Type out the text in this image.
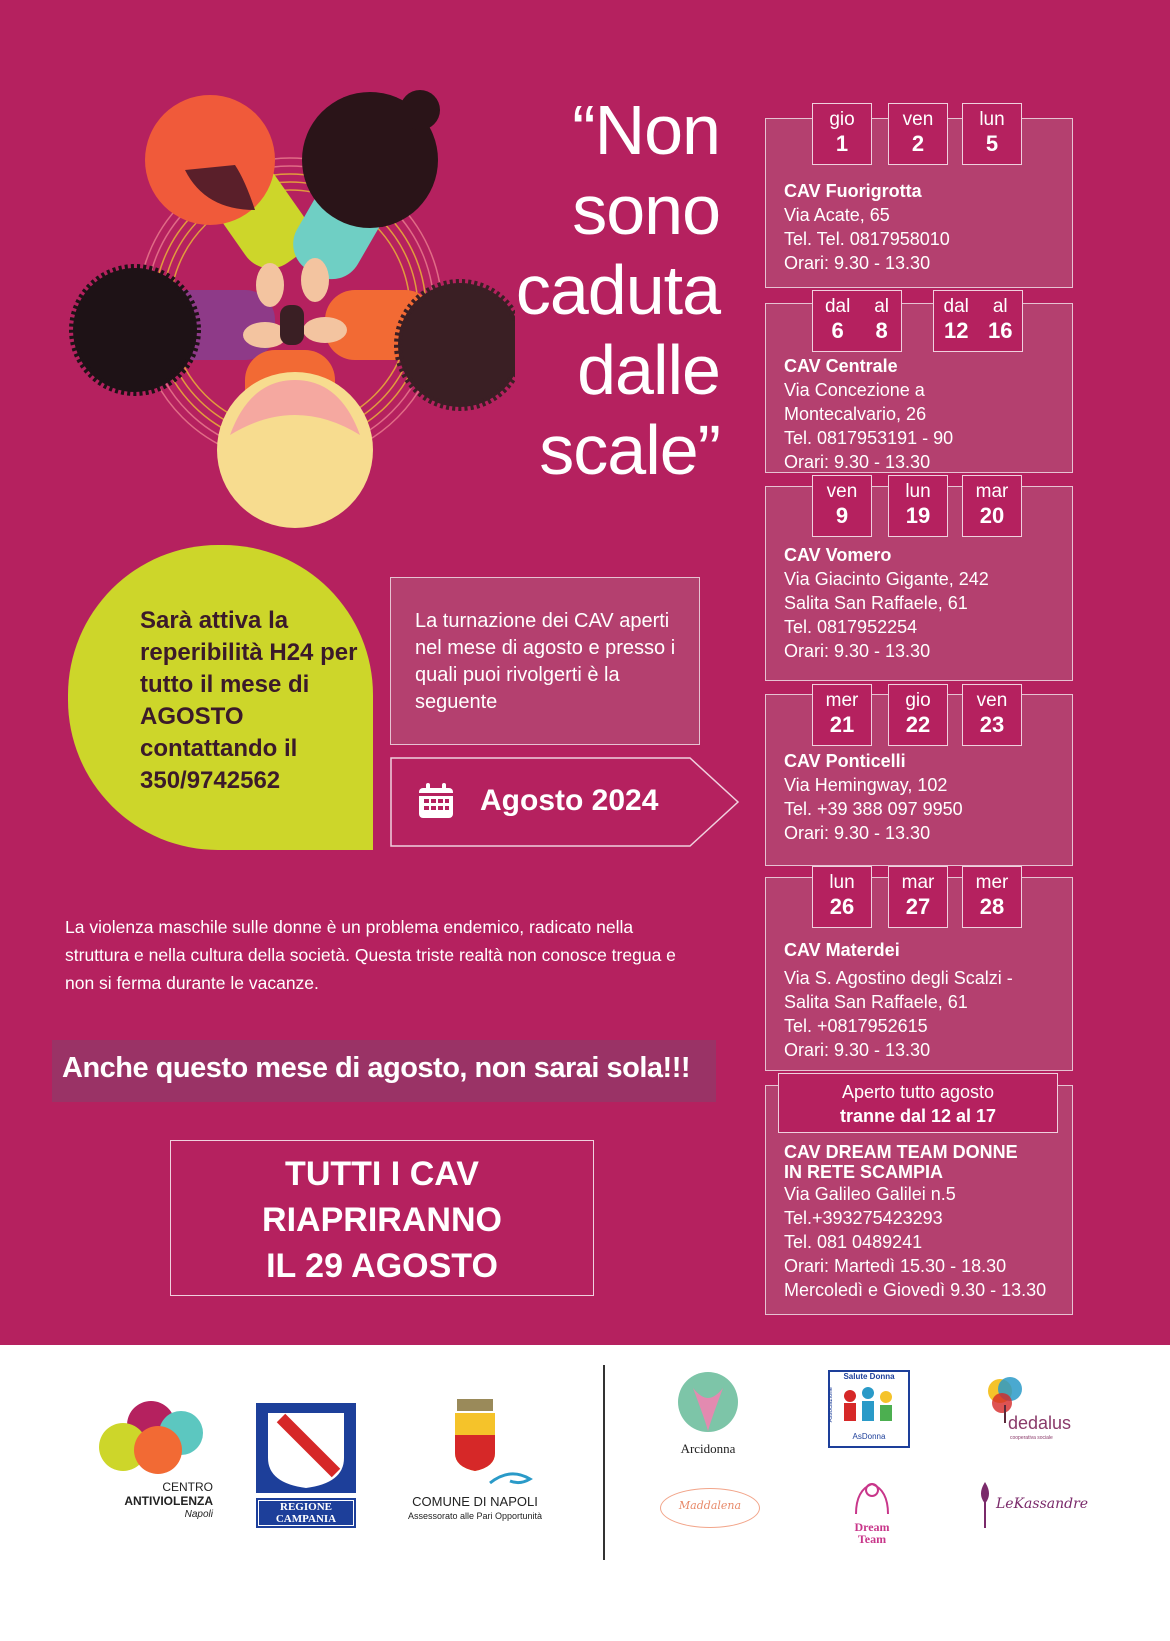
“Non
sono
caduta
dalle
scale”
Sarà attiva la reperibilità H24 per tutto il mese di AGOSTO contattando il 350/9742562
La turnazione dei CAV aperti nel mese di agosto e presso i quali puoi rivolgerti è la seguente
Agosto 2024
La violenza maschile sulle donne è un problema endemico, radicato nella struttura e nella cultura della società. Questa triste realtà non conosce tregua e non si ferma durante le vacanze.
Anche questo mese di agosto, non sarai sola!!!
TUTTI I CAV
RIAPRIRANNO
IL 29 AGOSTO
CAV Fuorigrotta
Via Acate, 65
Tel. Tel. 0817958010
Orari: 9.30 - 13.30
gio
1
ven
2
lun
5
CAV Centrale
Via Concezione a
Montecalvario, 26
Tel. 0817953191 - 90
Orari: 9.30 - 13.30
dal
6
al
8
dal
12
al
16
CAV Vomero
Via Giacinto Gigante, 242
Salita San Raffaele, 61
Tel. 0817952254
Orari: 9.30 - 13.30
ven
9
lun
19
mar
20
CAV Ponticelli
Via Hemingway, 102
Tel. +39 388 097 9950
Orari: 9.30 - 13.30
mer
21
gio
22
ven
23
CAV Materdei
Via S. Agostino degli Scalzi -
Salita San Raffaele, 61
Tel. +0817952615
Orari: 9.30 - 13.30
lun
26
mar
27
mer
28
CAV DREAM TEAM DONNE
IN RETE SCAMPIA
Via Galileo Galilei n.5
Tel.+393275423293
Tel. 081 0489241
Orari: Martedì 15.30 - 18.30
Mercoledì e Giovedì 9.30 - 13.30
Aperto tutto agosto
tranne dal 12 al 17
CENTRO
ANTIVIOLENZA
Napoli
REGIONE CAMPANIA
COMUNE DI NAPOLI
Assessorato alle Pari Opportunità
Arcidonna
Salute Donna
AsDonna
Associazione
dedalus
cooperativa sociale
Maddalena
Dream
Team
LeKassandre
